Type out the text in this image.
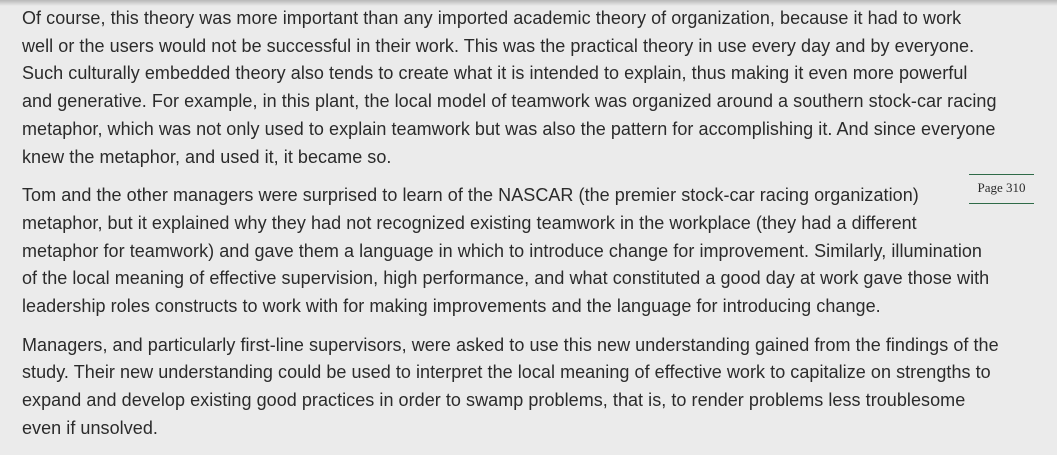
Of course, this theory was more important than any imported academic theory of organization, because it had to work
well or the users would not be successful in their work. This was the practical theory in use every day and by everyone.
Such culturally embedded theory also tends to create what it is intended to explain, thus making it even more powerful
and generative. For example, in this plant, the local model of teamwork was organized around a southern stock-car racing
metaphor, which was not only used to explain teamwork but was also the pattern for accomplishing it. And since everyone
knew the metaphor, and used it, it became so.

Tom and the other managers were surprised to learn of the NASCAR (the premier stock-car racing organization)
metaphor, but it explained why they had not recognized existing teamwork in the workplace (they had a different
metaphor for teamwork) and gave them a language in which to introduce change for improvement. Similarly, illumination
of the local meaning of effective supervision, high performance, and what constituted a good day at work gave those with
leadership roles constructs to work with for making improvements and the language for introducing change.

Managers, and particularly first-line supervisors, were asked to use this new understanding gained from the findings of the
study. Their new understanding could be used to interpret the local meaning of effective work to capitalize on strengths to
expand and develop existing good practices in order to swamp problems, that is, to render problems less troublesome
even if unsolved.

Page 310
